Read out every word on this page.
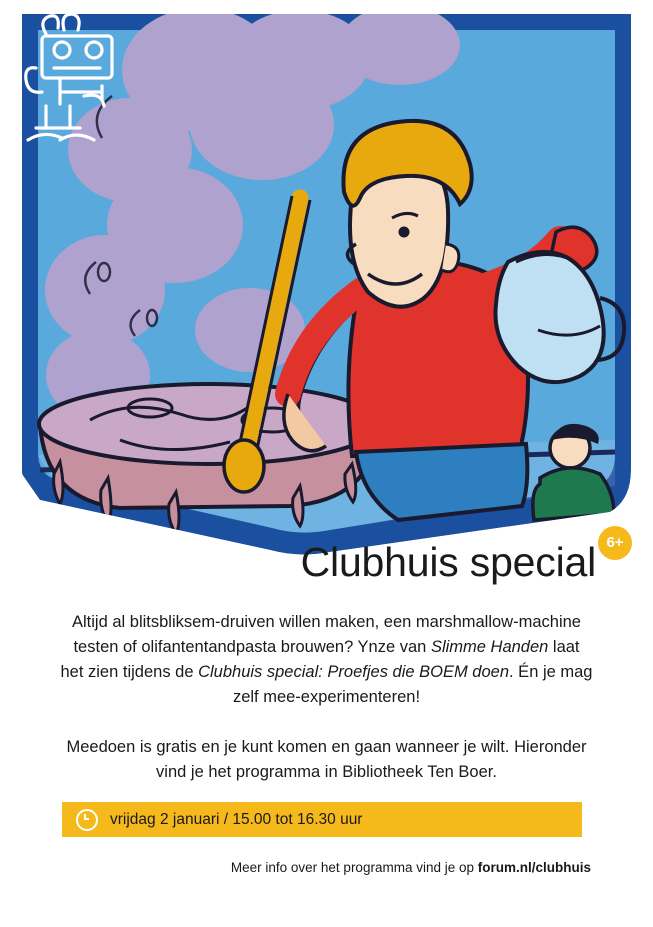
Clubhuis special 6+
Altijd al blitsbliksem-druiven willen maken, een marshmallow-machine testen of olifantentandpasta brouwen? Ynze van Slimme Handen laat het zien tijdens de Clubhuis special: Proefjes die BOEM doen. Én je mag zelf mee-experimenteren!
Meedoen is gratis en je kunt komen en gaan wanneer je wilt. Hieronder vind je het programma in Bibliotheek Ten Boer.
vrijdag 2 januari / 15.00 tot 16.30 uur
Meer info over het programma vind je op forum.nl/clubhuis
